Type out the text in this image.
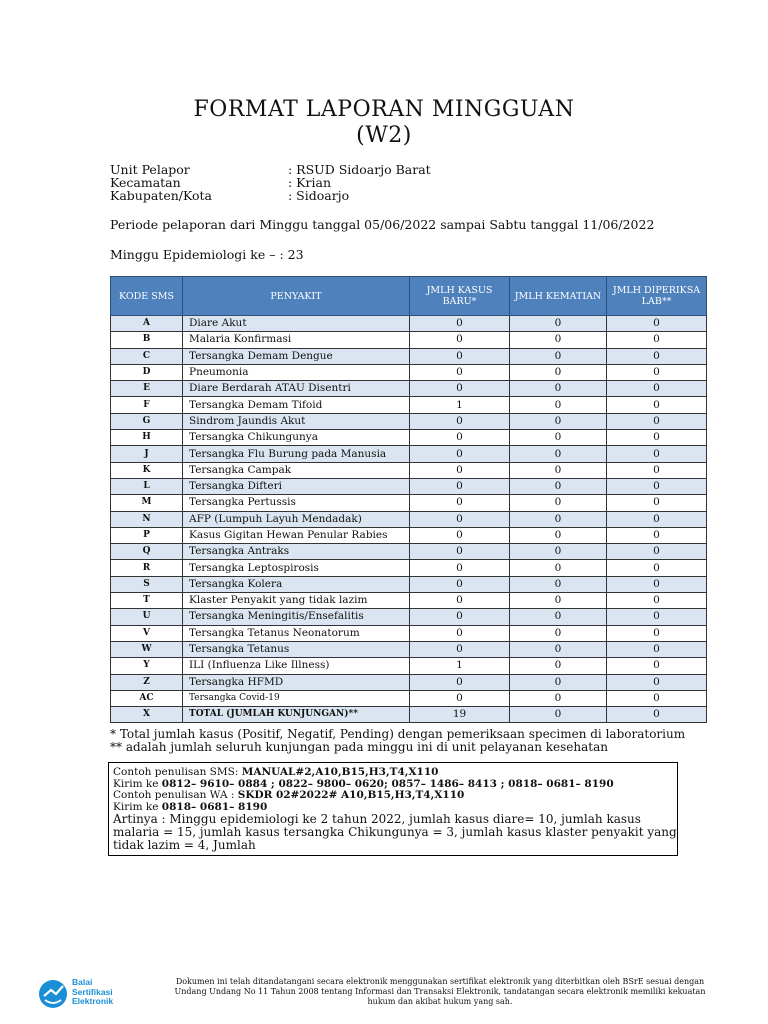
FORMAT LAPORAN MINGGUAN
(W2)
Unit Pelapor	: RSUD Sidoarjo Barat
Kecamatan	: Krian
Kabupaten/Kota	: Sidoarjo
Periode pelaporan dari Minggu tanggal 05/06/2022 sampai Sabtu tanggal 11/06/2022
Minggu Epidemiologi ke – : 23
KODE SMS	PENYAKIT	JMLH KASUS BARU*	JMLH KEMATIAN	JMLH DIPERIKSA LAB**
A	Diare Akut	0	0	0
B	Malaria Konfirmasi	0	0	0
C	Tersangka Demam Dengue	0	0	0
D	Pneumonia	0	0	0
E	Diare Berdarah ATAU Disentri	0	0	0
F	Tersangka Demam Tifoid	1	0	0
G	Sindrom Jaundis Akut	0	0	0
H	Tersangka Chikungunya	0	0	0
J	Tersangka Flu Burung pada Manusia	0	0	0
K	Tersangka Campak	0	0	0
L	Tersangka Difteri	0	0	0
M	Tersangka Pertussis	0	0	0
N	AFP (Lumpuh Layuh Mendadak)	0	0	0
P	Kasus Gigitan Hewan Penular Rabies	0	0	0
Q	Tersangka Antraks	0	0	0
R	Tersangka Leptospirosis	0	0	0
S	Tersangka Kolera	0	0	0
T	Klaster Penyakit yang tidak lazim	0	0	0
U	Tersangka Meningitis/Ensefalitis	0	0	0
V	Tersangka Tetanus Neonatorum	0	0	0
W	Tersangka Tetanus	0	0	0
Y	ILI (Influenza Like Illness)	1	0	0
Z	Tersangka HFMD	0	0	0
AC	Tersangka Covid-19	0	0	0
X	TOTAL (JUMLAH KUNJUNGAN)**	19	0	0
* Total jumlah kasus (Positif, Negatif, Pending) dengan pemeriksaan specimen di laboratorium
** adalah jumlah seluruh kunjungan pada minggu ini di unit pelayanan kesehatan
Contoh penulisan SMS: MANUAL#2,A10,B15,H3,T4,X110
Kirim ke 0812– 9610– 0884 ; 0822– 9800– 0620; 0857– 1486– 8413 ; 0818– 0681– 8190
Contoh penulisan WA : SKDR 02#2022# A10,B15,H3,T4,X110
Kirim ke 0818– 0681– 8190
Artinya : Minggu epidemiologi ke 2 tahun 2022, jumlah kasus diare= 10, jumlah kasus malaria = 15, jumlah kasus tersangka Chikungunya = 3, jumlah kasus klaster penyakit yang tidak lazim = 4, Jumlah
Balai
Sertifikasi
Elektronik
Dokumen ini telah ditandatangani secara elektronik menggunakan sertifikat elektronik yang diterbitkan oleh BSrE sesuai dengan Undang Undang No 11 Tahun 2008 tentang Informasi dan Transaksi Elektronik, tandatangan secara elektronik memiliki kekuatan hukum dan akibat hukum yang sah.
